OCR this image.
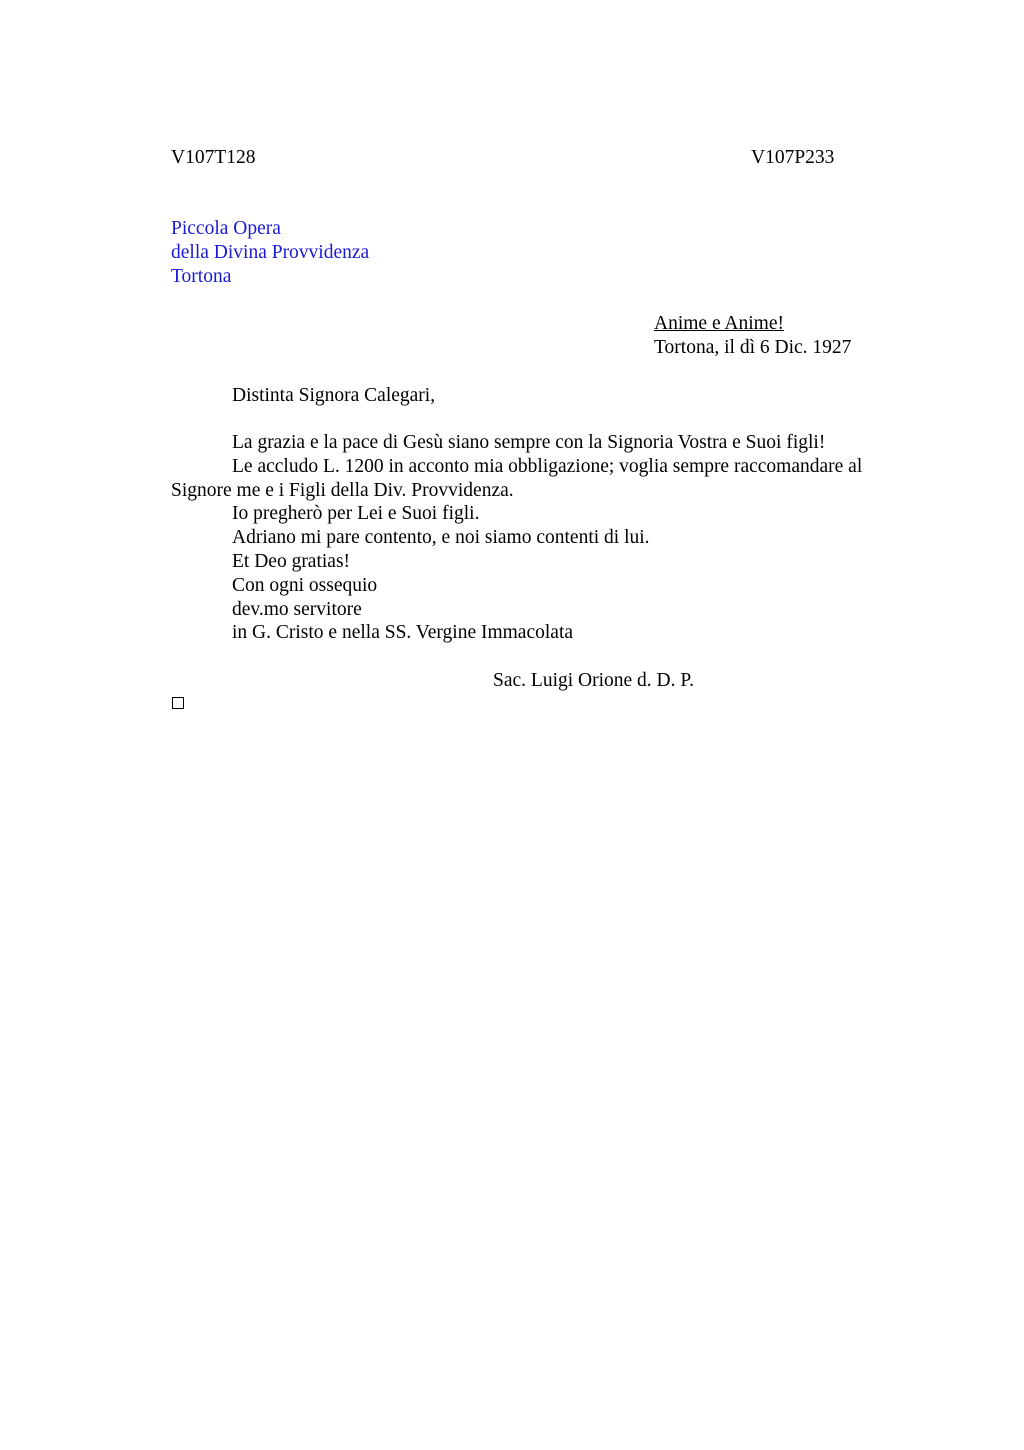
V107T128	V107P233
Piccola Opera
della Divina Provvidenza
Tortona
Anime e Anime!
Tortona, il dì 6 Dic. 1927
Distinta Signora Calegari,
La grazia e la pace di Gesù siano sempre con la Signoria Vostra e Suoi figli!
Le accludo L. 1200 in acconto mia obbligazione; voglia sempre raccomandare al Signore me e i Figli della Div. Provvidenza.
Io pregherò per Lei e Suoi figli.
Adriano mi pare contento, e noi siamo contenti di lui.
Et Deo gratias!
Con ogni ossequio
dev.mo servitore
in G. Cristo e nella SS. Vergine Immacolata
Sac. Luigi Orione d. D. P.
